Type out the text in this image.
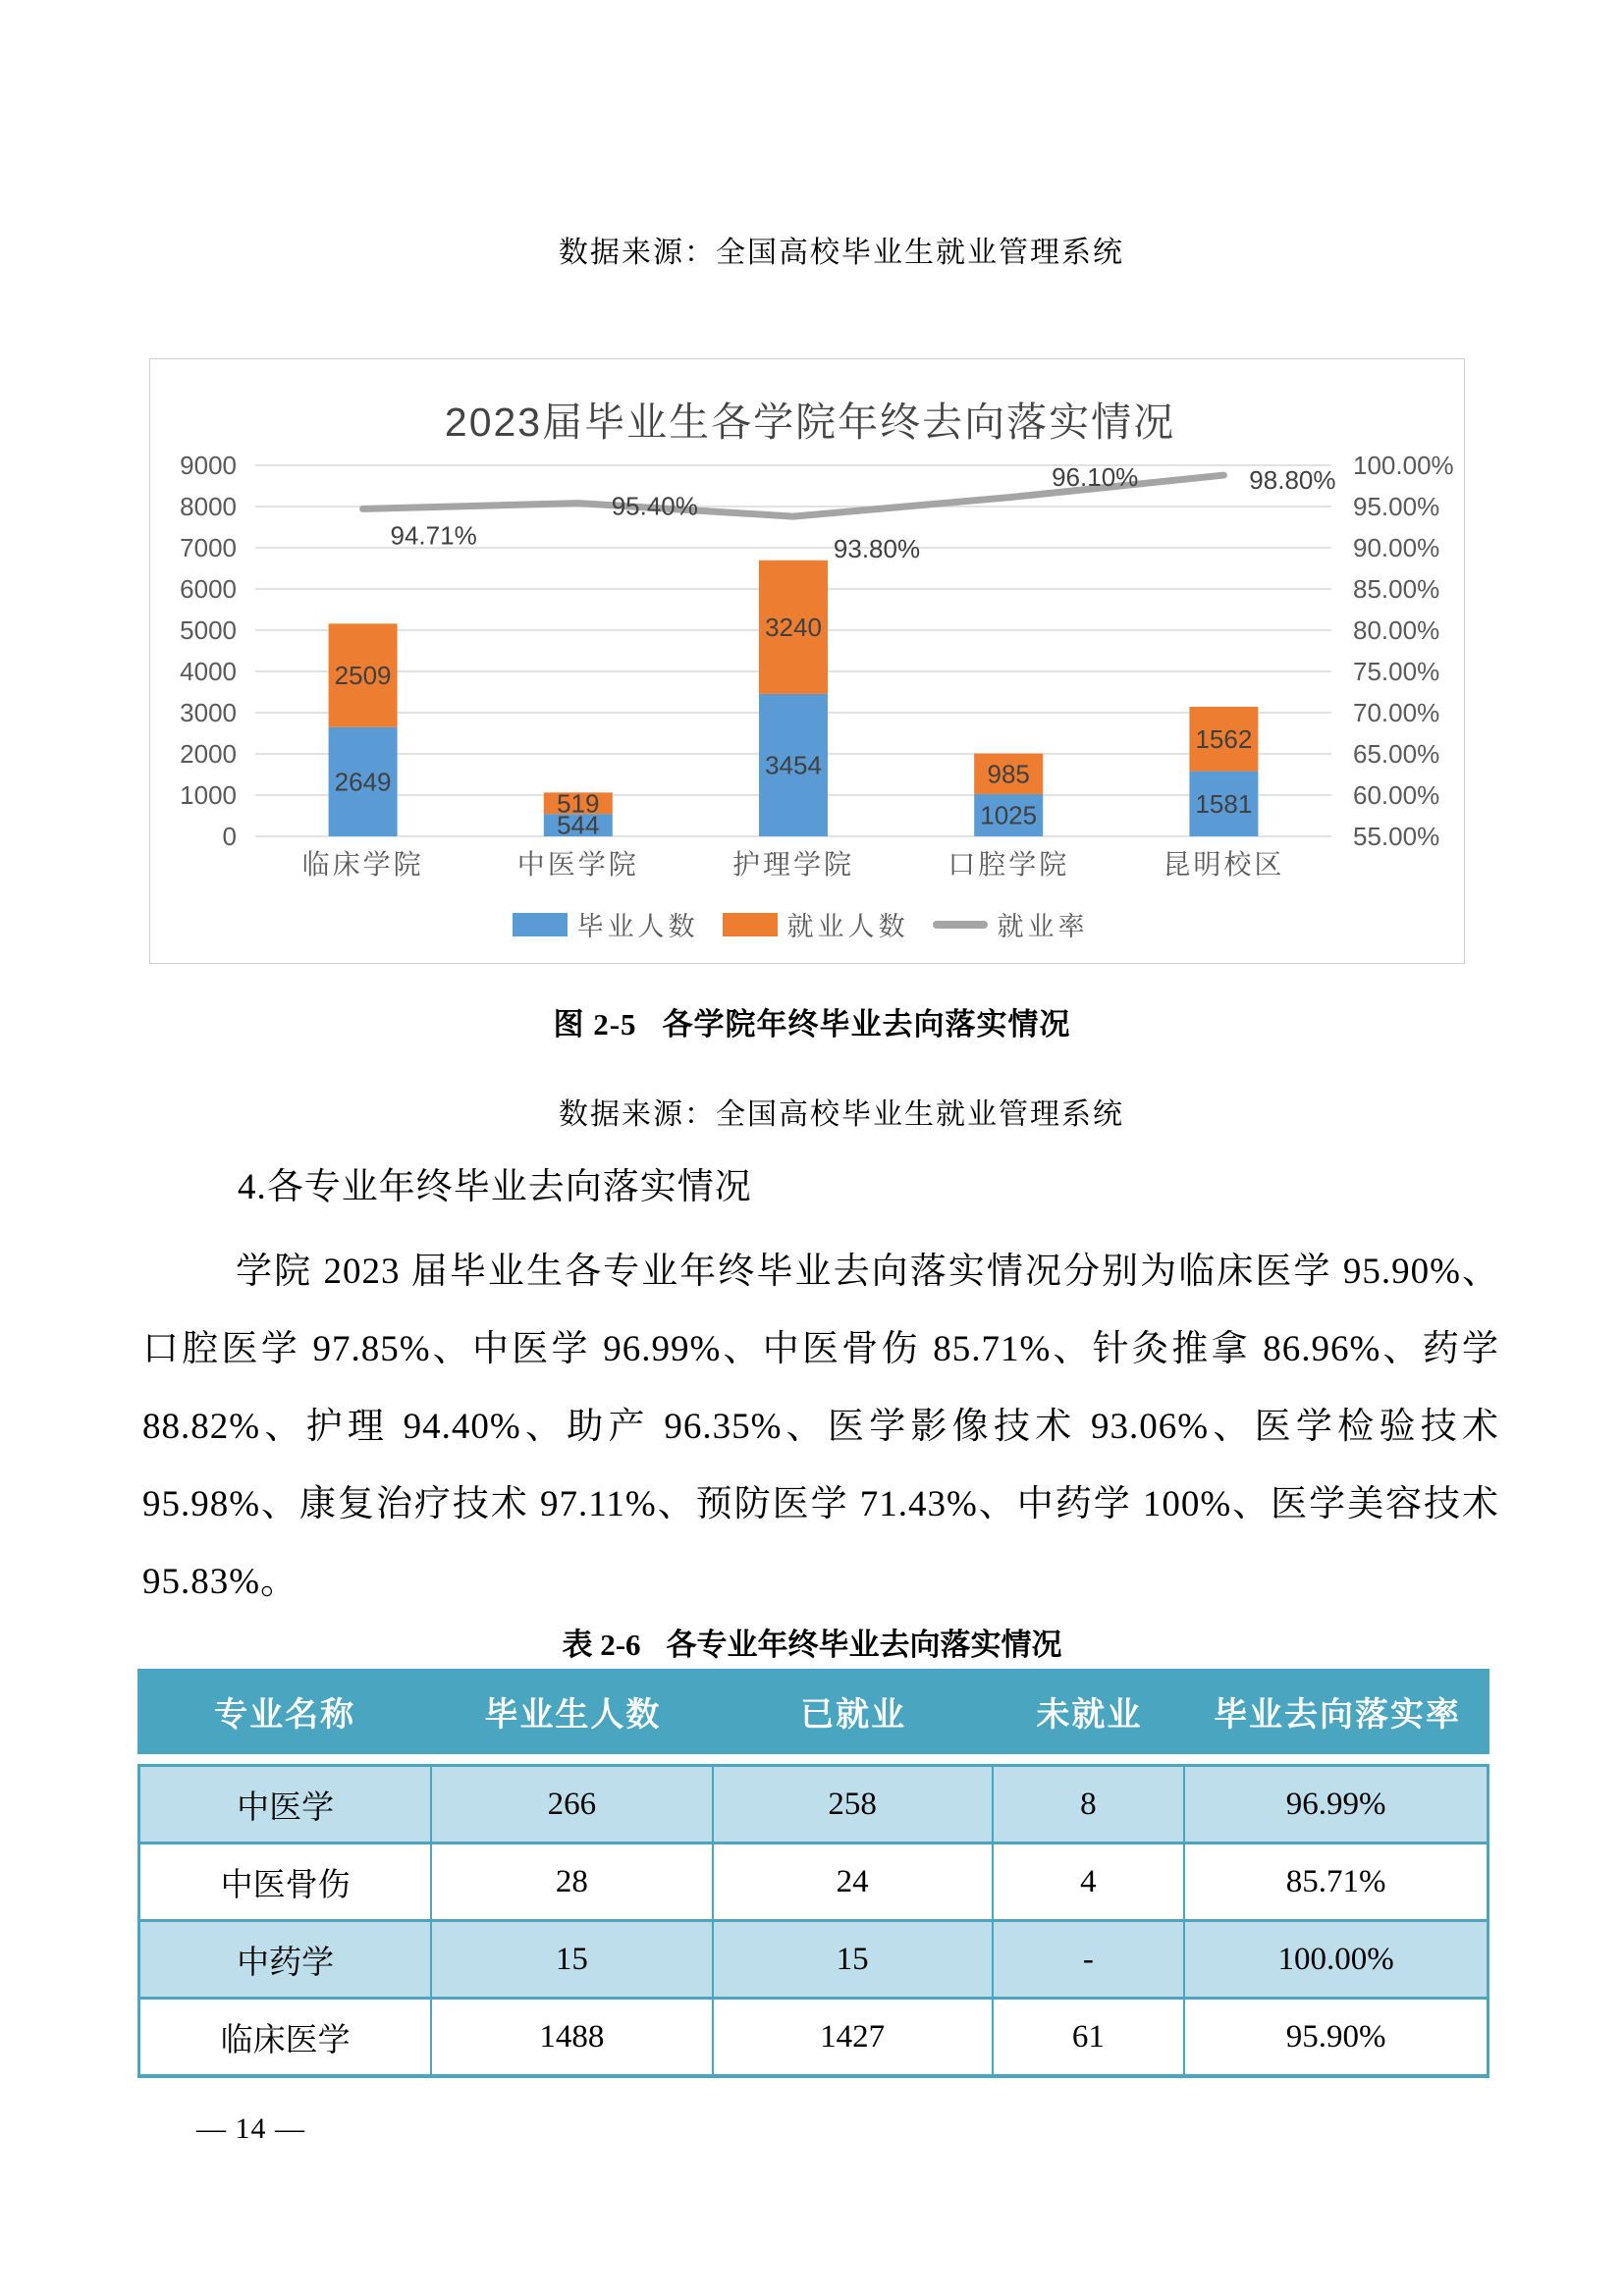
数据来源：全国高校毕业生就业管理系统
0	55.00%
1000	60.00%
2000	65.00%
3000	70.00%
4000	75.00%
5000	80.00%
6000	85.00%
7000	90.00%
8000	95.00%
9000	100.00%
2023届毕业生各学院年终去向落实情况
2649
2509
临床学院
544
519
中医学院
3454
3240
护理学院
1025
985
口腔学院
1581
1562
昆明校区
94.71%
95.40%
93.80%
96.10%	98.80%
毕业人数	就业人数	就业率
图 2-5 各学院年终毕业去向落实情况
数据来源：全国高校毕业生就业管理系统
4.各专业年终毕业去向落实情况
学院 2023 届毕业生各专业年终毕业去向落实情况分别为临床医学 95.90%、口腔医学 97.85%、中医学 96.99%、中医骨伤 85.71%、针灸推拿 86.96%、药学 88.82%、护理 94.40%、助产 96.35%、医学影像技术 93.06%、医学检验技术 95.98%、康复治疗技术 97.11%、预防医学 71.43%、中药学 100%、医学美容技术 95.83%。
表 2-6 各专业年终毕业去向落实情况
专业名称	毕业生人数	已就业	未就业	毕业去向落实率
中医学	266	258	8	96.99%
中医骨伤	28	24	4	85.71%
中药学	15	15	-	100.00%
临床医学	1488	1427	61	95.90%
— 14 —
